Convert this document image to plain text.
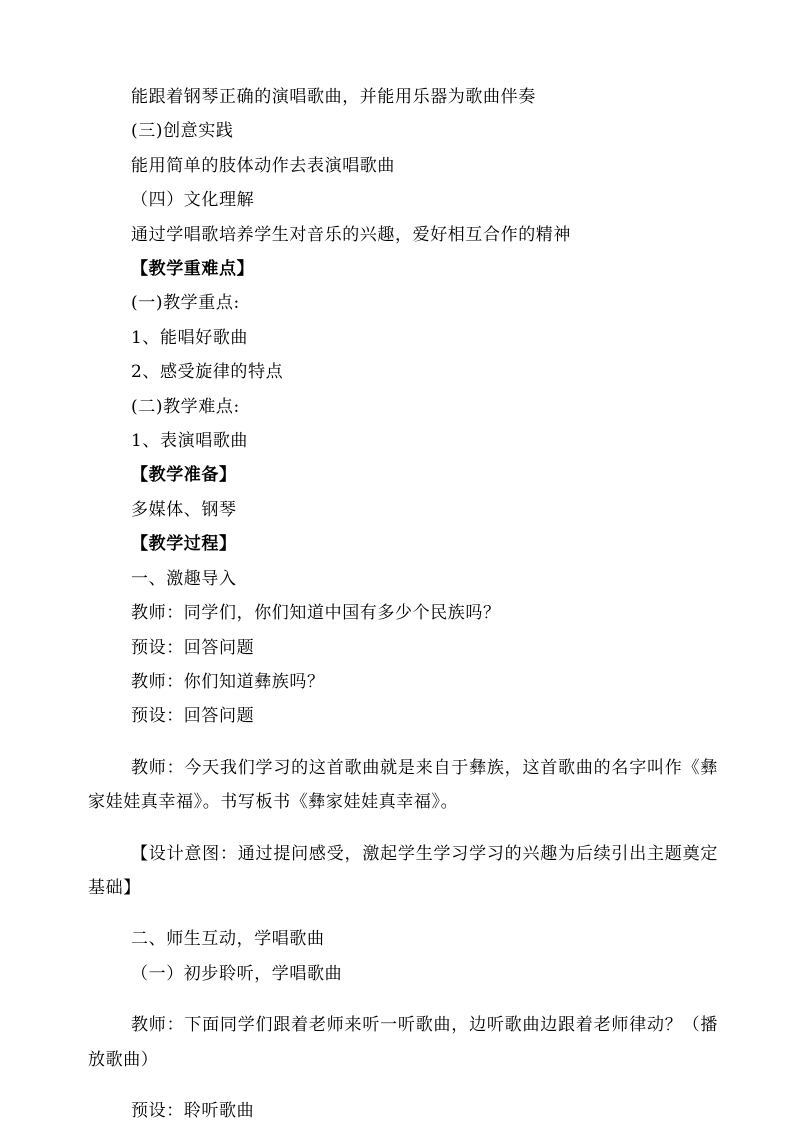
能跟着钢琴正确的演唱歌曲，并能用乐器为歌曲伴奏

(三)创意实践

能用简单的肢体动作去表演唱歌曲

（四）文化理解

通过学唱歌培养学生对音乐的兴趣，爱好相互合作的精神

【教学重难点】

(一)教学重点:

1、能唱好歌曲

2、感受旋律的特点

(二)教学难点:

1、表演唱歌曲

【教学准备】

多媒体、钢琴

【教学过程】

一、激趣导入

教师：同学们，你们知道中国有多少个民族吗？

预设：回答问题

教师：你们知道彝族吗？

预设：回答问题

教师：今天我们学习的这首歌曲就是来自于彝族，这首歌曲的名字叫作《彝家娃娃真幸福》。书写板书《彝家娃娃真幸福》。

【设计意图：通过提问感受，激起学生学习学习的兴趣为后续引出主题奠定基础】

二、师生互动，学唱歌曲

（一）初步聆听，学唱歌曲

教师：下面同学们跟着老师来听一听歌曲，边听歌曲边跟着老师律动？（播放歌曲）

预设：聆听歌曲
